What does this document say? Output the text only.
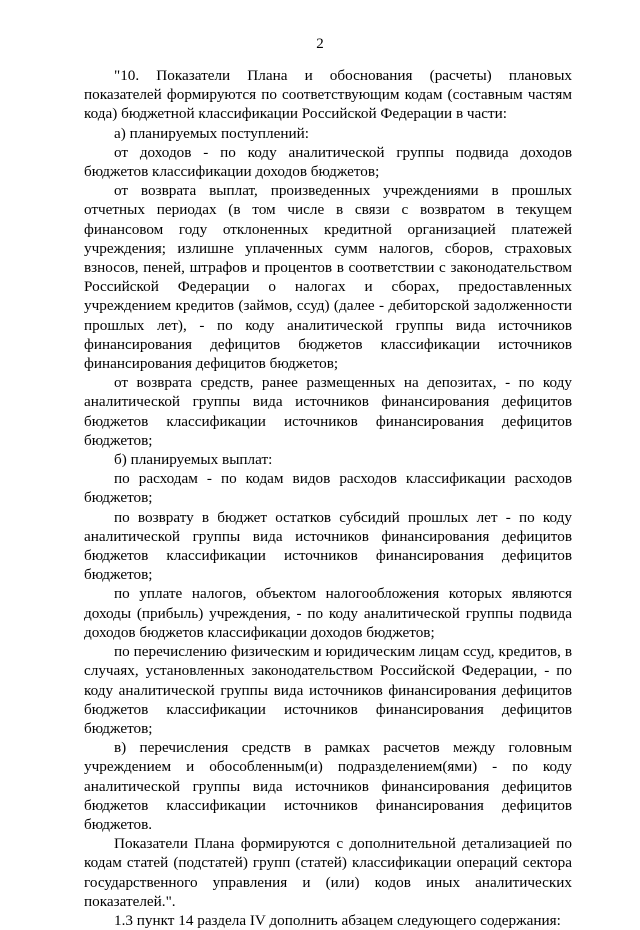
2

"10. Показатели Плана и обоснования (расчеты) плановых показателей формируются по соответствующим кодам (составным частям кода) бюджетной классификации Российской Федерации в части:

а) планируемых поступлений:

от доходов - по коду аналитической группы подвида доходов бюджетов классификации доходов бюджетов;

от возврата выплат, произведенных учреждениями в прошлых отчетных периодах (в том числе в связи с возвратом в текущем финансовом году отклоненных кредитной организацией платежей учреждения; излишне уплаченных сумм налогов, сборов, страховых взносов, пеней, штрафов и процентов в соответствии с законодательством Российской Федерации о налогах и сборах, предоставленных учреждением кредитов (займов, ссуд) (далее - дебиторской задолженности прошлых лет), - по коду аналитической группы вида источников финансирования дефицитов бюджетов классификации источников финансирования дефицитов бюджетов;

от возврата средств, ранее размещенных на депозитах, - по коду аналитической группы вида источников финансирования дефицитов бюджетов классификации источников финансирования дефицитов бюджетов;

б) планируемых выплат:

по расходам - по кодам видов расходов классификации расходов бюджетов;

по возврату в бюджет остатков субсидий прошлых лет - по коду аналитической группы вида источников финансирования дефицитов бюджетов классификации источников финансирования дефицитов бюджетов;

по уплате налогов, объектом налогообложения которых являются доходы (прибыль) учреждения, - по коду аналитической группы подвида доходов бюджетов классификации доходов бюджетов;

по перечислению физическим и юридическим лицам ссуд, кредитов, в случаях, установленных законодательством Российской Федерации, - по коду аналитической группы вида источников финансирования дефицитов бюджетов классификации источников финансирования дефицитов бюджетов;

в) перечисления средств в рамках расчетов между головным учреждением и обособленным(и) подразделением(ями) - по коду аналитической группы вида источников финансирования дефицитов бюджетов классификации источников финансирования дефицитов бюджетов.

Показатели Плана формируются с дополнительной детализацией по кодам статей (подстатей) групп (статей) классификации операций сектора государственного управления и (или) кодов иных аналитических показателей.".

1.3 пункт 14 раздела IV дополнить абзацем следующего содержания:
